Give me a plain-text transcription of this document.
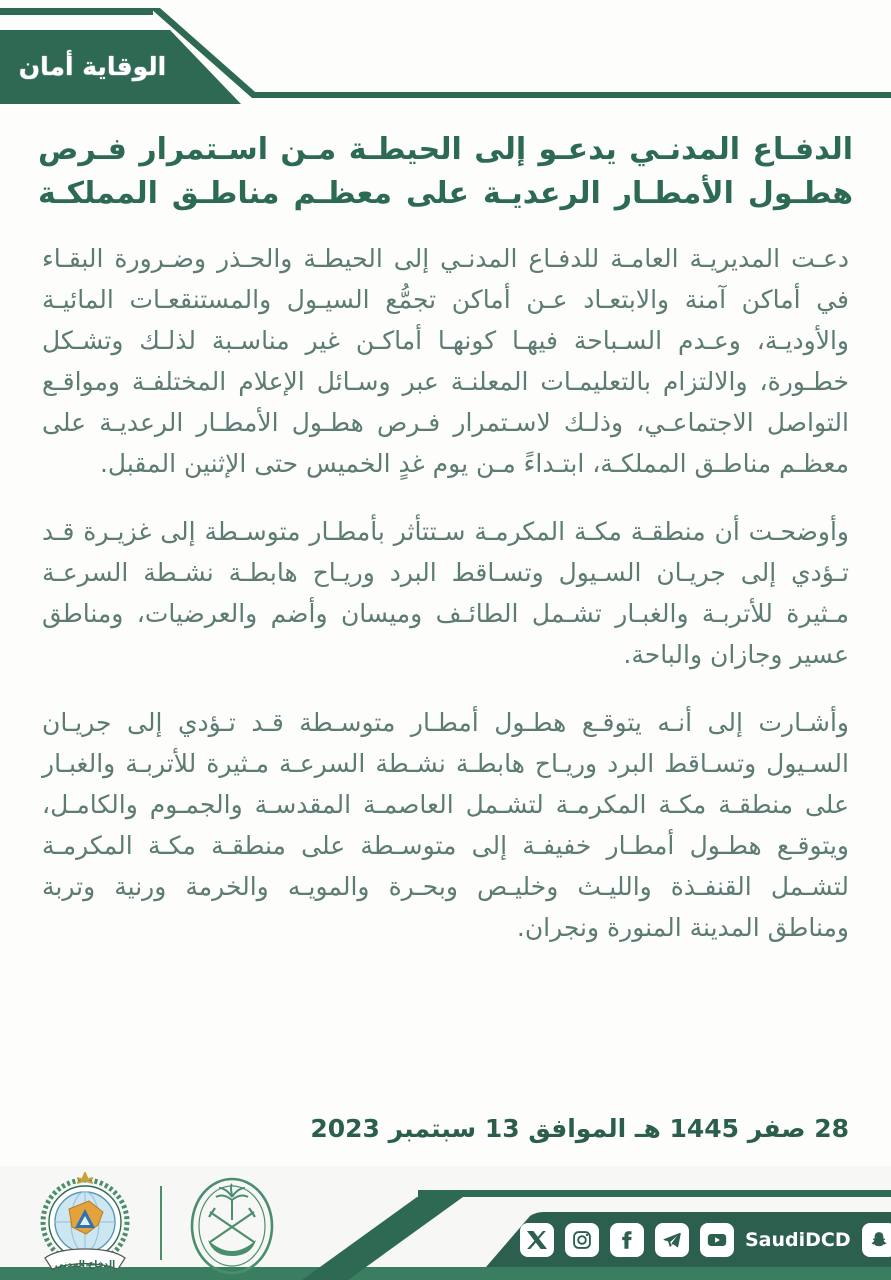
الوقاية أمان
الدفـاع المدنـي يدعـو إلى الحيطـة مـن اسـتمرار فـرص
هطـول الأمطـار الرعديـة على معظـم مناطـق المملكـة

دعـت المديريـة العامـة للدفـاع المدنـي إلى الحيطـة والحـذر وضـرورة البقـاء في أماكن آمنة والابتعـاد عـن أماكن تجمُّع السيـول والمستنقعـات المائيـة والأوديـة، وعـدم السـباحة فيهـا كونهـا أماكـن غير مناسـبة لذلـك وتشـكل خطـورة، والالتزام بالتعليمـات المعلنـة عبر وسـائل الإعلام المختلفـة ومواقـع التواصل الاجتماعـي، وذلـك لاسـتمرار فـرص هطـول الأمطـار الرعديـة على معظـم مناطـق المملكـة، ابتـداءً مـن يوم غدٍ الخميس حتى الإثنين المقبل.

وأوضحـت أن منطقـة مكـة المكرمـة سـتتأثر بأمطـار متوسـطة إلى غزيـرة قـد تـؤدي إلى جريـان السـيول وتسـاقط البرد وريـاح هابطـة نشـطة السرعـة مـثيرة للأتربـة والغبـار تشـمل الطائـف وميسان وأضم والعرضيات، ومناطق عسير وجازان والباحة.

وأشـارت إلى أنـه يتوقـع هطـول أمطـار متوسـطة قـد تـؤدي إلى جريـان السـيول وتسـاقط البرد وريـاح هابطـة نشـطة السرعـة مـثيرة للأتربـة والغبـار على منطقـة مكـة المكرمـة لتشـمل العاصمـة المقدسـة والجمـوم والكامـل، ويتوقـع هطـول أمطـار خفيفـة إلى متوسـطة على منطقـة مكـة المكرمـة لتشـمل القنفـذة والليـث وخليـص وبحـرة والمويـه والخرمة ورنية وتربة ومناطق المدينة المنورة ونجران.

28 صفر 1445 هـ الموافق 13 سبتمبر 2023
الدفاع المدني
SaudiDCD
